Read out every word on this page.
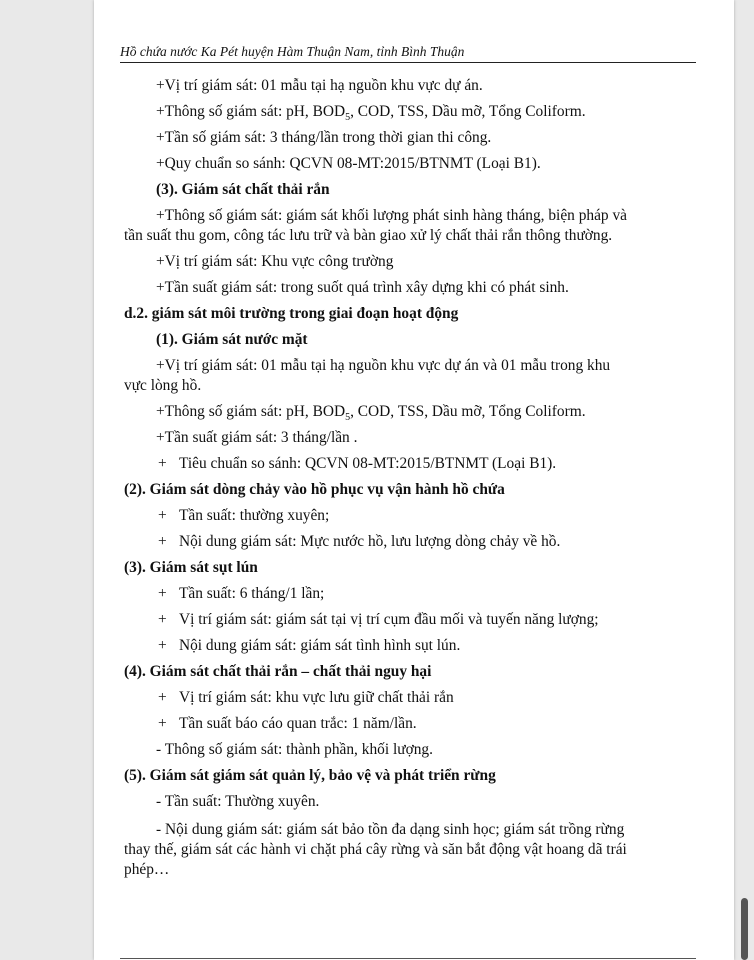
Hồ chứa nước Ka Pét huyện Hàm Thuận Nam, tỉnh Bình Thuận
+Vị trí giám sát: 01 mẫu tại hạ nguồn khu vực dự án.
+Thông số giám sát: pH, $BOD_5$, COD, TSS, Dầu mỡ, Tổng Coliform.
+Tần số giám sát: 3 tháng/lần trong thời gian thi công.
+Quy chuẩn so sánh: QCVN 08-MT:2015/BTNMT (Loại B1).
(3). Giám sát chất thải rắn
+Thông số giám sát: giám sát khối lượng phát sinh hàng tháng, biện pháp và
tần suất thu gom, công tác lưu trữ và bàn giao xử lý chất thải rắn thông thường.
+Vị trí giám sát: Khu vực công trường
+Tần suất giám sát: trong suốt quá trình xây dựng khi có phát sinh.
d.2. giám sát môi trường trong giai đoạn hoạt động
(1). Giám sát nước mặt
+Vị trí giám sát: 01 mẫu tại hạ nguồn khu vực dự án và 01 mẫu trong khu
vực lòng hồ.
+Thông số giám sát: pH, $BOD_5$, COD, TSS, Dầu mỡ, Tổng Coliform.
+Tần suất giám sát: 3 tháng/lần .
+ Tiêu chuẩn so sánh: QCVN 08-MT:2015/BTNMT (Loại B1).
(2). Giám sát dòng chảy vào hồ phục vụ vận hành hồ chứa
+ Tần suất: thường xuyên;
+ Nội dung giám sát: Mực nước hồ, lưu lượng dòng chảy về hồ.
(3). Giám sát sụt lún
+ Tần suất: 6 tháng/1 lần;
+ Vị trí giám sát: giám sát tại vị trí cụm đầu mối và tuyến năng lượng;
+ Nội dung giám sát: giám sát tình hình sụt lún.
(4). Giám sát chất thải rắn – chất thải nguy hại
+ Vị trí giám sát: khu vực lưu giữ chất thải rắn
+ Tần suất báo cáo quan trắc: 1 năm/lần.
- Thông số giám sát: thành phần, khối lượng.
(5). Giám sát giám sát quản lý, bảo vệ và phát triển rừng
- Tần suất: Thường xuyên.
- Nội dung giám sát: giám sát bảo tồn đa dạng sinh học; giám sát trồng rừng
thay thế, giám sát các hành vi chặt phá cây rừng và săn bắt động vật hoang dã trái
phép…
